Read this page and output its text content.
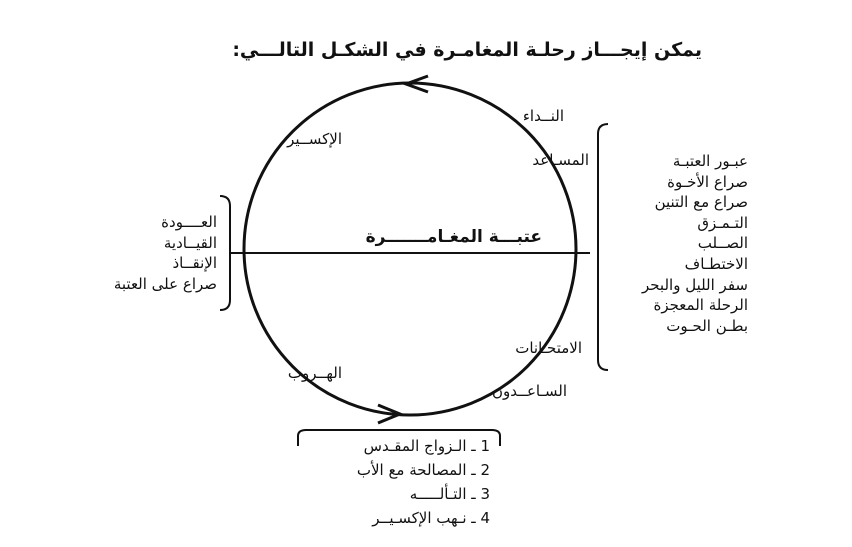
يمكن إيجـــاز رحلـة المغامـرة في الشكـل التالـــي:
الإكســير
النــداء
المسـاعد
عتبـــة المغـامـــــــرة
الامتحـانات
السـاعــدون
الهــروب
العــــودة
القيــادية
الإنقــاذ
صراع على العتبة
عبـور العتبـة
صراع الأخـوة
صراع مع التنين
التـمـزق
الصــلب
الاختطـاف
سفر الليل والبحر
الرحلة المعجزة
بطـن الحـوت
1 ـ الـزواج المقـدس
2 ـ المصالحة مع الأب
3 ـ التـألـــــه
4 ـ نـهب الإكسـيــر
